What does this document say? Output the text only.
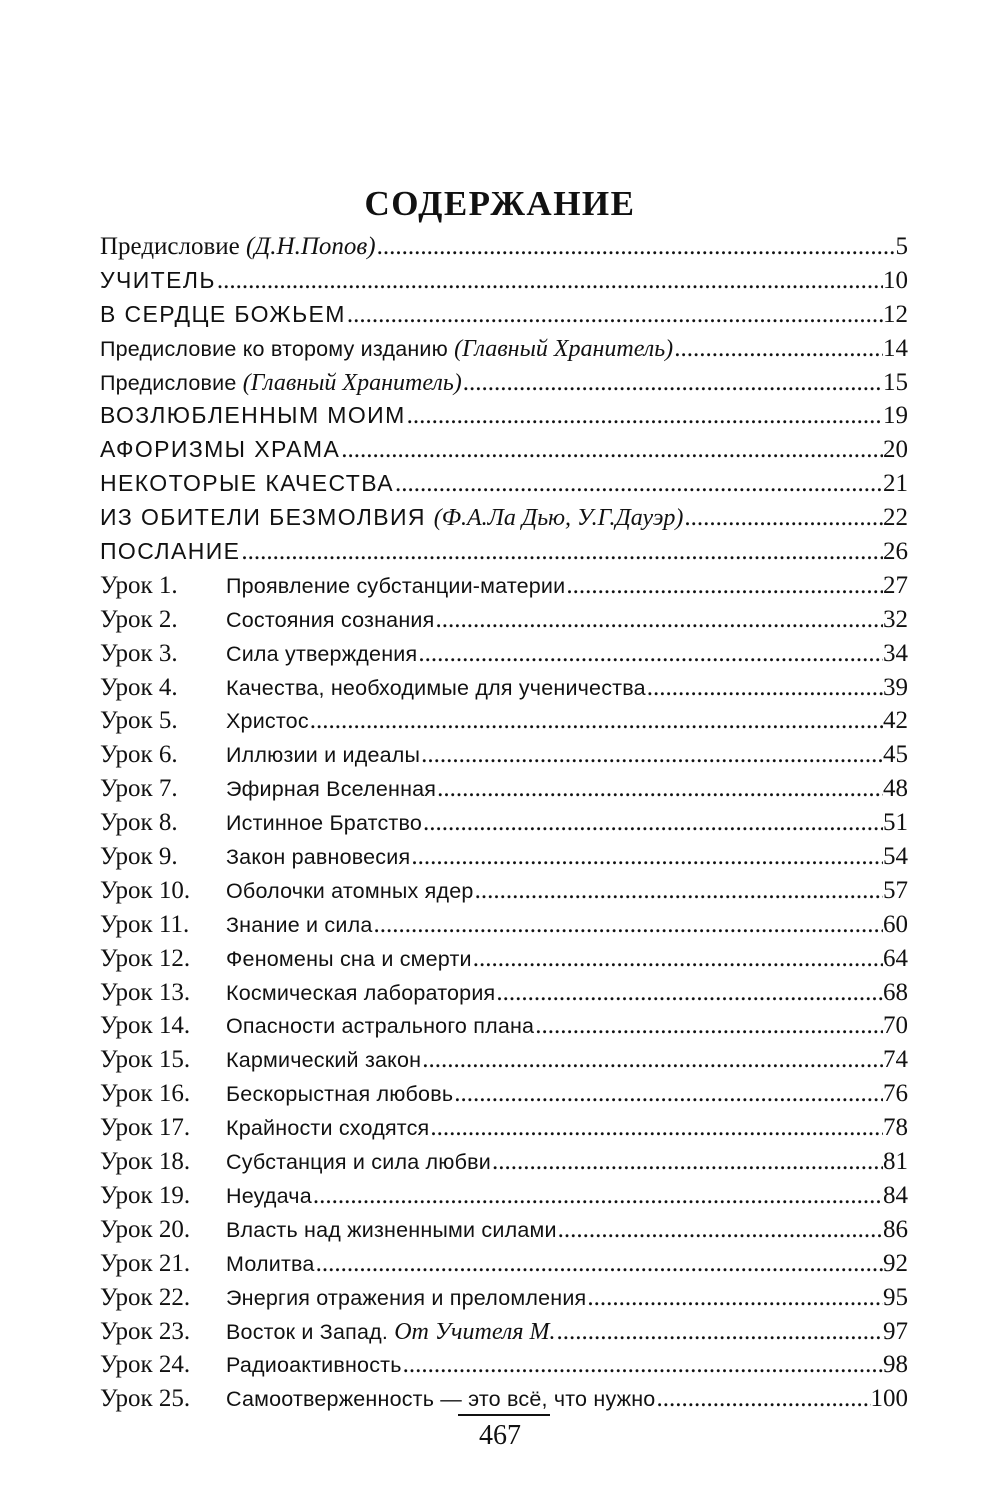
СОДЕРЖАНИЕ
Предисловие (Д.Н.Попов) .....	5
УЧИТЕЛЬ .....	10
В СЕРДЦЕ БОЖЬЕМ .....	12
Предисловие ко второму изданию (Главный Хранитель) .....	14
Предисловие (Главный Хранитель) .....	15
ВОЗЛЮБЛЕННЫМ МОИМ .....	19
АФОРИЗМЫ ХРАМА .....	20
НЕКОТОРЫЕ КАЧЕСТВА .....	21
ИЗ ОБИТЕЛИ БЕЗМОЛВИЯ (Ф.А.Ла Дью, У.Г.Дауэр) .....	22
ПОСЛАНИЕ .....	26
Урок 1.	Проявление субстанции-материи .....	27
Урок 2.	Состояния сознания .....	32
Урок 3.	Сила утверждения .....	34
Урок 4.	Качества, необходимые для ученичества .....	39
Урок 5.	Христос .....	42
Урок 6.	Иллюзии и идеалы .....	45
Урок 7.	Эфирная Вселенная .....	48
Урок 8.	Истинное Братство .....	51
Урок 9.	Закон равновесия .....	54
Урок 10.	Оболочки атомных ядер .....	57
Урок 11.	Знание и сила .....	60
Урок 12.	Феномены сна и смерти .....	64
Урок 13.	Космическая лаборатория .....	68
Урок 14.	Опасности астрального плана .....	70
Урок 15.	Кармический закон .....	74
Урок 16.	Бескорыстная любовь .....	76
Урок 17.	Крайности сходятся .....	78
Урок 18.	Субстанция и сила любви .....	81
Урок 19.	Неудача .....	84
Урок 20.	Власть над жизненными силами .....	86
Урок 21.	Молитва .....	92
Урок 22.	Энергия отражения и преломления .....	95
Урок 23.	Восток и Запад. От Учителя М. .....	97
Урок 24.	Радиоактивность .....	98
Урок 25.	Самоотверженность — это всё, что нужно .....	100
467
